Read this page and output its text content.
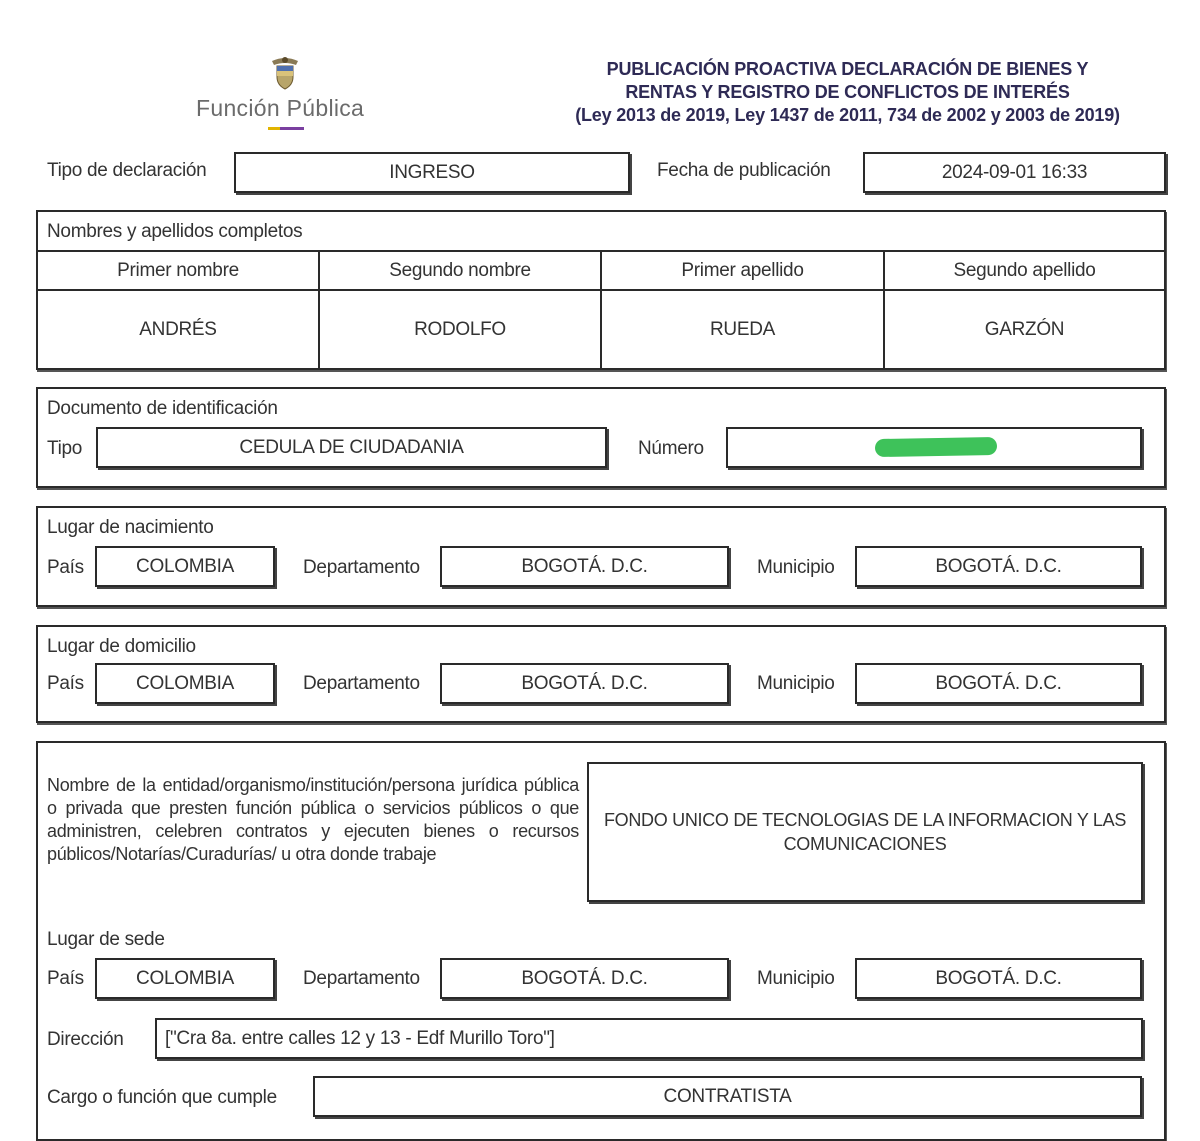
Función Pública
PUBLICACIÓN PROACTIVA DECLARACIÓN DE BIENES Y
RENTAS Y REGISTRO DE CONFLICTOS DE INTERÉS
(Ley 2013 de 2019, Ley 1437 de 2011, 734 de 2002 y 2003 de 2019)
Tipo de declaración	INGRESO	Fecha de publicación	2024-09-01 16:33
Nombres y apellidos completos
Primer nombre	Segundo nombre	Primer apellido	Segundo apellido
ANDRÉS	RODOLFO	RUEDA	GARZÓN
Documento de identificación
Tipo	CEDULA DE CIUDADANIA	Número
Lugar de nacimiento
País	COLOMBIA	Departamento	BOGOTÁ. D.C.	Municipio	BOGOTÁ. D.C.
Lugar de domicilio
País	COLOMBIA	Departamento	BOGOTÁ. D.C.	Municipio	BOGOTÁ. D.C.
Nombre de la entidad/organismo/institución/persona jurídica pública o privada que presten función pública o servicios públicos o que administren, celebren contratos y ejecuten bienes o recursos públicos/Notarías/Curadurías/ u otra donde trabaje
FONDO UNICO DE TECNOLOGIAS DE LA INFORMACION Y LAS COMUNICACIONES
Lugar de sede
País	COLOMBIA	Departamento	BOGOTÁ. D.C.	Municipio	BOGOTÁ. D.C.
Dirección	["Cra 8a. entre calles 12 y 13 - Edf Murillo Toro"]
Cargo o función que cumple	CONTRATISTA
